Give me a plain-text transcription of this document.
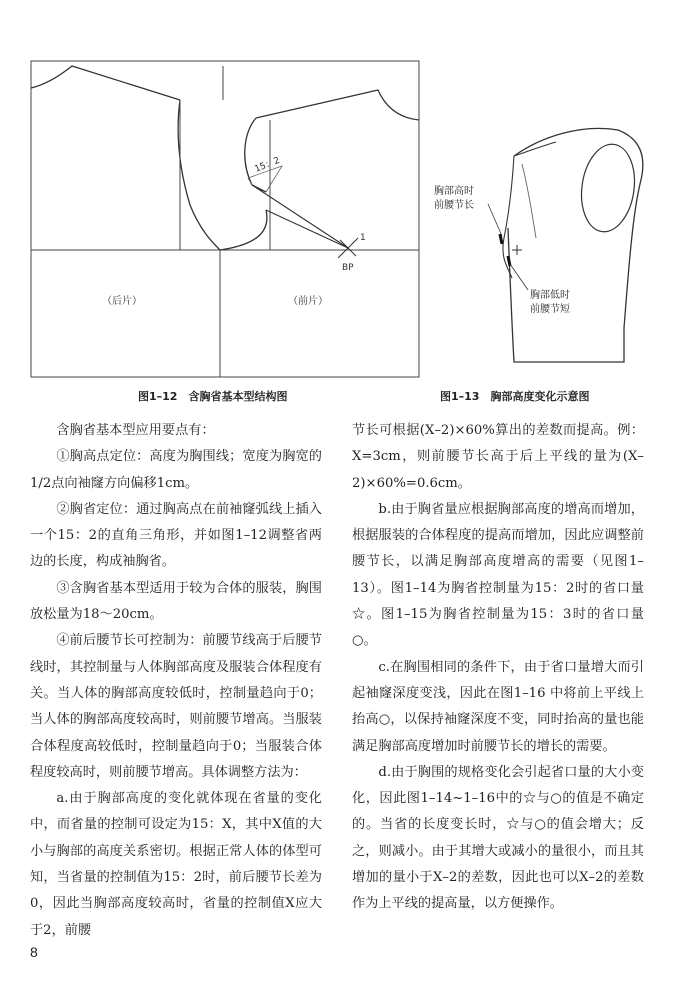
15：2
1
BP
（后片）	（前片）
胸部高时
前腰节长
胸部低时
前腰节短
图1–12　含胸省基本型结构图	图1–13　胸部高度变化示意图

含胸省基本型应用要点有：

①胸高点定位：高度为胸围线；宽度为胸宽的1/2点向袖窿方向偏移1cm。

②胸省定位：通过胸高点在前袖窿弧线上插入一个15：2的直角三角形，并如图1–12调整省两边的长度，构成袖胸省。

③含胸省基本型适用于较为合体的服装，胸围放松量为18～20cm。

④前后腰节长可控制为：前腰节线高于后腰节线时，其控制量与人体胸部高度及服装合体程度有关。当人体的胸部高度较低时，控制量趋向于0；当人体的胸部高度较高时，则前腰节增高。当服装合体程度高较低时，控制量趋向于0；当服装合体程度较高时，则前腰节增高。具体调整方法为：

a.由于胸部高度的变化就体现在省量的变化中，而省量的控制可设定为15：X，其中X值的大小与胸部的高度关系密切。根据正常人体的体型可知，当省量的控制值为15：2时，前后腰节长差为0，因此当胸部高度较高时，省量的控制值X应大于2，前腰

节长可根据(X–2)×60%算出的差数而提高。例：X=3cm，则前腰节长高于后上平线的量为(X–2)×60%=0.6cm。

b.由于胸省量应根据胸部高度的增高而增加，根据服装的合体程度的提高而增加，因此应调整前腰节长，以满足胸部高度增高的需要（见图1–13）。图1–14为胸省控制量为15：2时的省口量☆。图1–15为胸省控制量为15：3时的省口量○。

c.在胸围相同的条件下，由于省口量增大而引起袖窿深度变浅，因此在图1–16 中将前上平线上抬高○，以保持袖窿深度不变，同时抬高的量也能满足胸部高度增加时前腰节长的增长的需要。

d.由于胸围的规格变化会引起省口量的大小变化，因此图1–14~1–16中的☆与○的值是不确定的。当省的长度变长时，☆与○的值会增大；反之，则减小。由于其增大或减小的量很小，而且其增加的量小于X–2的差数，因此也可以X–2的差数作为上平线的提高量，以方便操作。

8
